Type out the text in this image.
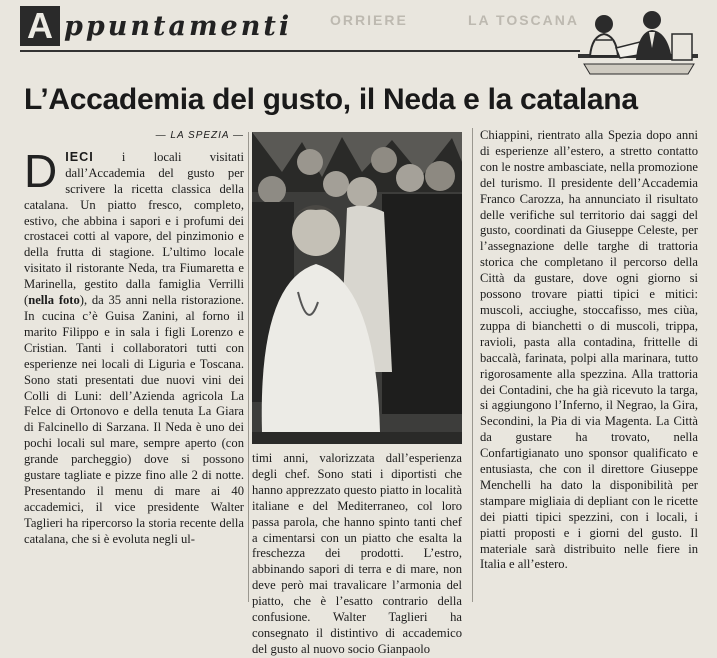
A ppuntamenti	ORRIERE	LA TOSCANA
L’Accademia del gusto, il Neda e la catalana
— LA SPEZIA —

DIECI i locali visitati dall’Accademia del gusto per scrivere la ricetta classica della catalana. Un piatto fresco, completo, estivo, che abbina i sapori e i profumi dei crostacei cotti al vapore, del pinzimonio e della frutta di stagione. L’ultimo locale visitato il ristorante Neda, tra Fiumaretta e Marinella, gestito dalla famiglia Verrilli (nella foto), da 35 anni nella ristorazione. In cucina c’è Guisa Zanini, al forno il marito Filippo e in sala i figli Lorenzo e Cristian. Tanti i collaboratori tutti con esperienze nei locali di Liguria e Toscana. Sono stati presentati due nuovi vini dei Colli di Luni: dell’Azienda agricola La Felce di Ortonovo e della tenuta La Giara di Falcinello di Sarzana. Il Neda è uno dei pochi locali sul mare, sempre aperto (con grande parcheggio) dove si possono gustare tagliate e pizze fino alle 2 di notte. Presentando il menu di mare ai 40 accademici, il vice presidente Walter Taglieri ha ripercorso la storia recente della catalana, che si è evoluta negli ul-

timi anni, valorizzata dall’esperienza degli chef. Sono stati i diportisti che hanno apprezzato questo piatto in località italiane e del Mediterraneo, col loro passa parola, che hanno spinto tanti chef a cimentarsi con un piatto che esalta la freschezza dei prodotti. L’estro, abbinando sapori di terra e di mare, non deve però mai travalicare l’armonia del piatto, che è l’esatto contrario della confusione. Walter Taglieri ha consegnato il distintivo di accademico del gusto al nuovo socio Gianpaolo

Chiappini, rientrato alla Spezia dopo anni di esperienze all’estero, a stretto contatto con le nostre ambasciate, nella promozione del turismo. Il presidente dell’Accademia Franco Carozza, ha annunciato il risultato delle verifiche sul territorio dai saggi del gusto, coordinati da Giuseppe Celeste, per l’assegnazione delle targhe di trattoria storica che completano il percorso della Città da gustare, dove ogni giorno si possono trovare piatti tipici e mitici: muscoli, acciughe, stoccafisso, mes ciùa, zuppa di bianchetti o di muscoli, trippa, ravioli, pasta alla contadina, frittelle di baccalà, farinata, polpi alla marinara, tutto rigorosamente alla spezzina. Alla trattoria dei Contadini, che ha già ricevuto la targa, si aggiungono l’Inferno, il Negrao, la Gira, Secondini, la Pia di via Magenta. La Città da gustare ha trovato, nella Confartigianato uno sponsor qualificato e entusiasta, che con il direttore Giuseppe Menchelli ha dato la disponibilità per stampare migliaia di depliant con le ricette dei piatti tipici spezzini, con i locali, i piatti proposti e i giorni del gusto. Il materiale sarà distribuito nelle fiere in Italia e all’estero.
